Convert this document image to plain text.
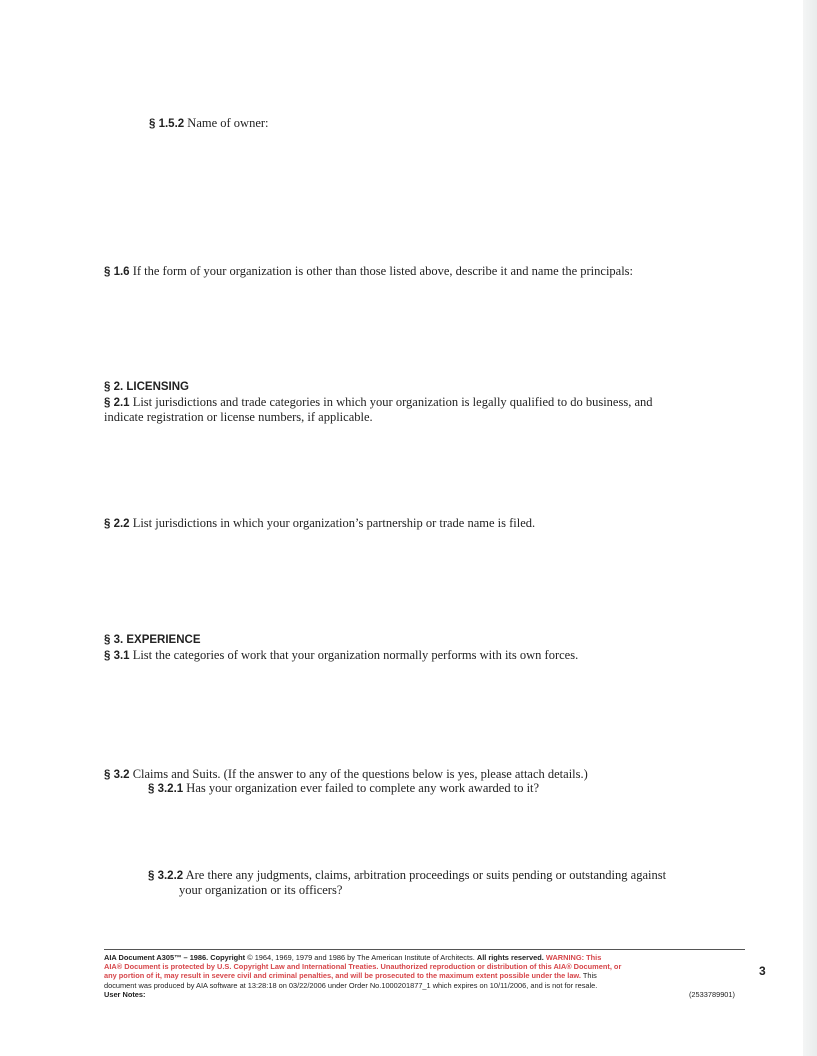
§ 1.5.2 Name of owner:
§ 1.6 If the form of your organization is other than those listed above, describe it and name the principals:
§ 2. LICENSING
§ 2.1 List jurisdictions and trade categories in which your organization is legally qualified to do business, and
indicate registration or license numbers, if applicable.
§ 2.2 List jurisdictions in which your organization’s partnership or trade name is filed.
§ 3. EXPERIENCE
§ 3.1 List the categories of work that your organization normally performs with its own forces.
§ 3.2 Claims and Suits. (If the answer to any of the questions below is yes, please attach details.)
§ 3.2.1 Has your organization ever failed to complete any work awarded to it?
§ 3.2.2 Are there any judgments, claims, arbitration proceedings or suits pending or outstanding against
your organization or its officers?
AIA Document A305™ – 1986. Copyright © 1964, 1969, 1979 and 1986 by The American Institute of Architects. All rights reserved. WARNING: This
AIA® Document is protected by U.S. Copyright Law and International Treaties. Unauthorized reproduction or distribution of this AIA® Document, or
any portion of it, may result in severe civil and criminal penalties, and will be prosecuted to the maximum extent possible under the law. This
document was produced by AIA software at 13:28:18 on 03/22/2006 under Order No.1000201877_1 which expires on 10/11/2006, and is not for resale.
User Notes:	(2533789901)
3
